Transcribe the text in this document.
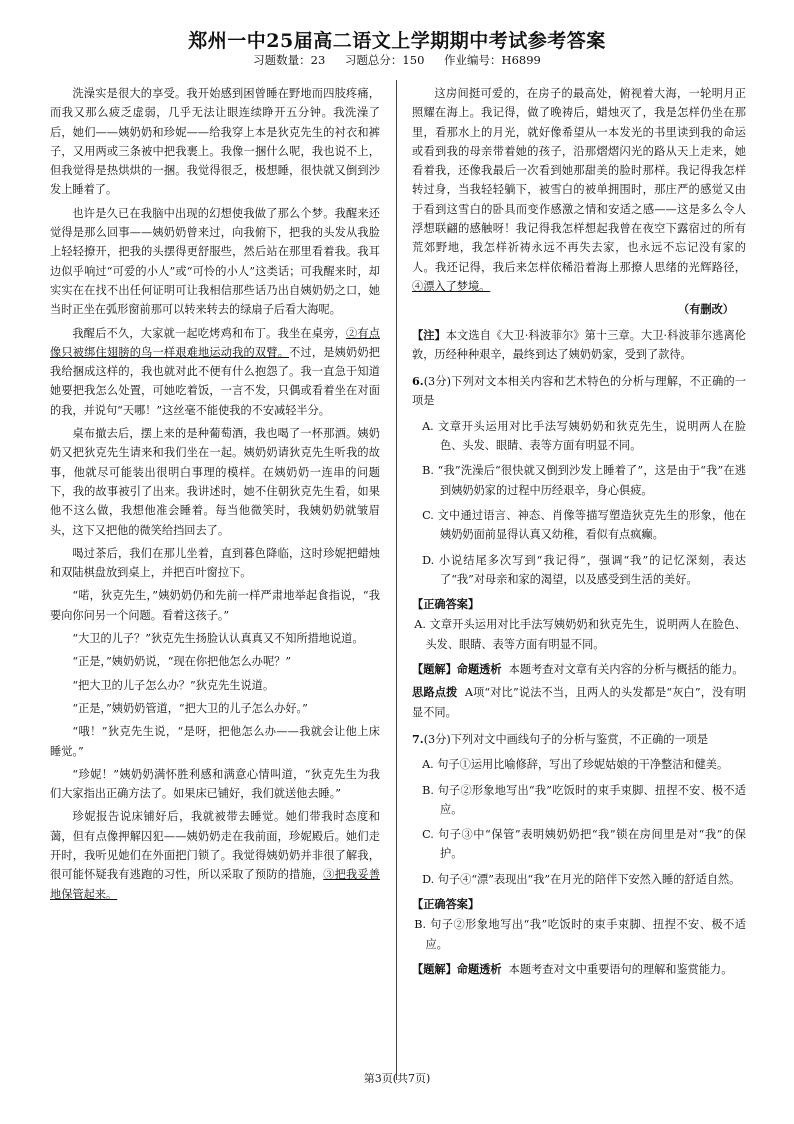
郑州一中25届高二语文上学期期中考试参考答案
习题数量：23 习题总分：150 作业编号：H6899

洗澡实是很大的享受。我开始感到困曾睡在野地而四肢疼痛，而我又那么疲乏虚弱，几乎无法让眼连续睁开五分钟。我洗澡了后，她们——姨奶奶和珍妮——给我穿上本是狄克先生的衬衣和裤子，又用两或三条被中把我裹上。我像一捆什么呢，我也说不上，但我觉得是热烘烘的一捆。我觉得很乏，极想睡，很快就又倒到沙发上睡着了。

也许是久已在我脑中出现的幻想使我做了那么个梦。我醒来还觉得是那么回事——姨奶奶曾来过，向我俯下，把我的头发从我脸上轻轻撩开，把我的头摆得更舒服些，然后站在那里看着我。我耳边似乎响过“可爱的小人”或“可怜的小人”这类话；可我醒来时，却实实在在找不出任何证明可让我相信那些话乃出自姨奶奶之口，她当时正坐在弧形窗前那可以转来转去的绿扇子后看大海呢。

我醒后不久，大家就一起吃烤鸡和布丁。我坐在桌旁，②有点像只被绑住翅膀的鸟一样艰难地运动我的双臂。不过，是姨奶奶把我给捆成这样的，我也就对此不便有什么抱怨了。我一直急于知道她要把我怎么处置，可她吃着饭，一言不发，只偶或看着坐在对面的我，并说句“天哪！”这丝毫不能使我的不安减轻半分。

桌布撤去后，摆上来的是种葡萄酒，我也喝了一杯那酒。姨奶奶又把狄克先生请来和我们坐在一起。姨奶奶请狄克先生听我的故事，他就尽可能装出很明白事理的模样。在姨奶奶一连串的问题下，我的故事被引了出来。我讲述时，她不住朝狄克先生看，如果他不这么做，我想他准会睡着。每当他微笑时，我姨奶奶就皱眉头，这下又把他的微笑给挡回去了。

喝过茶后，我们在那儿坐着，直到暮色降临，这时珍妮把蜡烛和双陆棋盘放到桌上，并把百叶窗拉下。

“喏，狄克先生，”姨奶奶仍和先前一样严肃地举起食指说，“我要向你问另一个问题。看着这孩子。”

“大卫的儿子？”狄克先生扬脸认认真真又不知所措地说道。

“正是，”姨奶奶说，“现在你把他怎么办呢？”

“把大卫的儿子怎么办？”狄克先生说道。

“正是，”姨奶奶管道，“把大卫的儿子怎么办好。”

“哦！”狄克先生说，“是呀，把他怎么办——我就会让他上床睡觉。”

“珍妮！”姨奶奶满怀胜利感和满意心情叫道，“狄克先生为我们大家指出正确方法了。如果床已铺好，我们就送他去睡。”

珍妮报告说床铺好后，我就被带去睡觉。她们带我时态度和蔼，但有点像押解囚犯——姨奶奶走在我前面，珍妮殿后。她们走开时，我听见她们在外面把门锁了。我觉得姨奶奶并非很了解我，很可能怀疑我有逃跑的习性，所以采取了预防的措施，③把我妥善地保管起来。

这房间挺可爱的，在房子的最高处，俯视着大海，一轮明月正照耀在海上。我记得，做了晚祷后，蜡烛灭了，我是怎样仍坐在那里，看那水上的月光，就好像希望从一本发光的书里读到我的命运或看到我的母亲带着她的孩子，沿那熠熠闪光的路从天上走来，她看着我，还像我最后一次看到她那甜美的脸时那样。我记得我怎样转过身，当我轻轻躺下，被雪白的被单拥围时，那庄严的感觉又由于看到这雪白的卧具而变作感激之情和安适之感——这是多么令人浮想联翩的感触呀！我记得我怎样想起我曾在夜空下露宿过的所有荒郊野地，我怎样祈祷永远不再失去家，也永远不忘记没有家的人。我还记得，我后来怎样依稀沿着海上那撩人思绪的光辉路径，④漂入了梦境。

（有删改）

【注】本文选自《大卫·科波菲尔》第十三章。大卫·科波菲尔逃离伦敦，历经种种艰辛，最终到达了姨奶奶家，受到了款待。

6.(3分)下列对文本相关内容和艺术特色的分析与理解，不正确的一项是

A. 文章开头运用对比手法写姨奶奶和狄克先生，说明两人在脸色、头发、眼睛、表等方面有明显不同。

B. “我”洗澡后“很快就又倒到沙发上睡着了”，这是由于“我”在逃到姨奶奶家的过程中历经艰辛，身心俱疲。

C. 文中通过语言、神态、肖像等描写塑造狄克先生的形象，他在姨奶奶面前显得认真又幼稚，看似有点疯癫。

D. 小说结尾多次写到“我记得”，强调“我”的记忆深刻，表达了“我”对母亲和家的渴望，以及感受到生活的美好。

【正确答案】

A. 文章开头运用对比手法写姨奶奶和狄克先生，说明两人在脸色、头发、眼睛、表等方面有明显不同。

【题解】命题透析 本题考查对文章有关内容的分析与概括的能力。

思路点拨 A项“对比”说法不当，且两人的头发都是“灰白”，没有明显不同。

7.(3分)下列对文中画线句子的分析与鉴赏，不正确的一项是

A. 句子①运用比喻修辞，写出了珍妮姑娘的干净整洁和健美。

B. 句子②形象地写出“我”吃饭时的束手束脚、扭捏不安、极不适应。

C. 句子③中“保管”表明姨奶奶把“我”锁在房间里是对“我”的保护。

D. 句子④“漂”表现出“我”在月光的陪伴下安然入睡的舒适自然。

【正确答案】

B. 句子②形象地写出“我”吃饭时的束手束脚、扭捏不安、极不适应。

【题解】命题透析 本题考查对文中重要语句的理解和鉴赏能力。

第3页(共7页)
